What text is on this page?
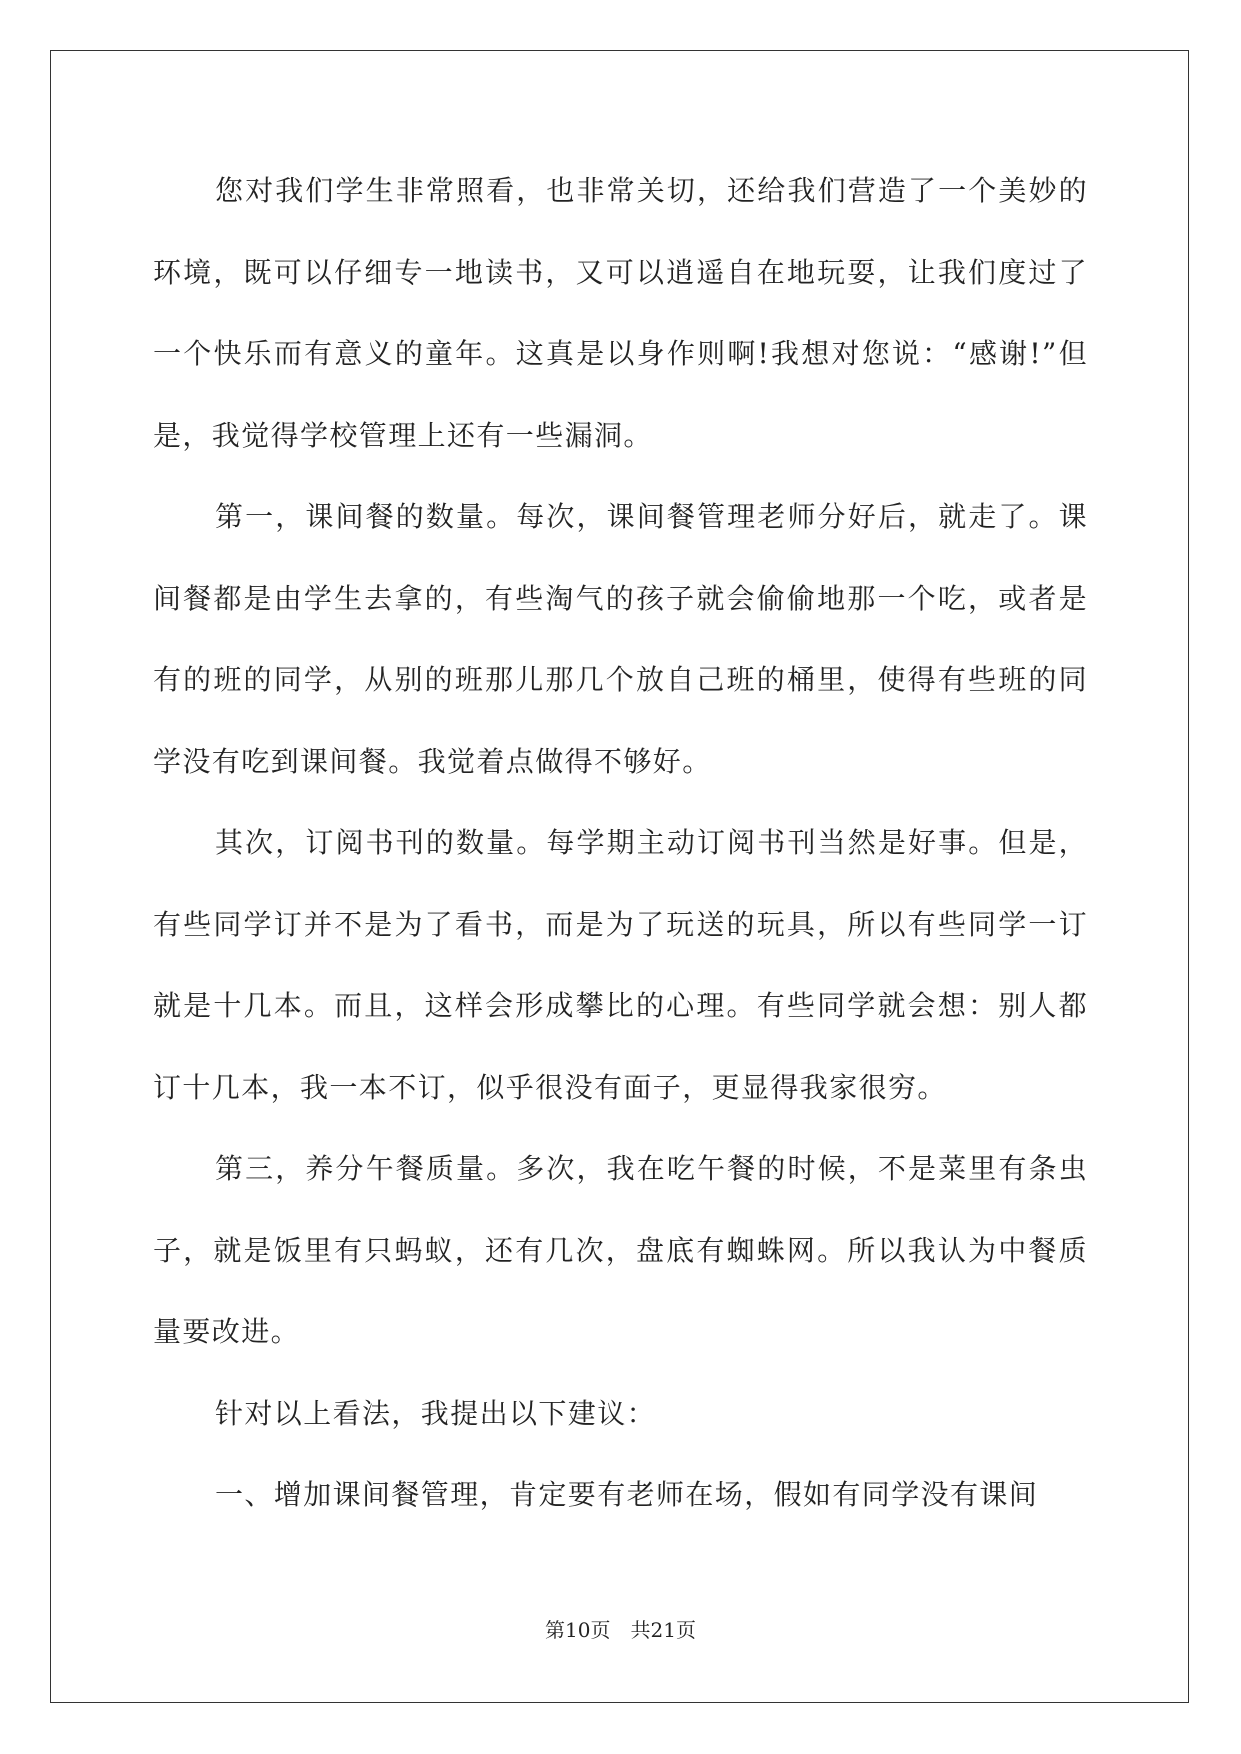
您对我们学生非常照看，也非常关切，还给我们营造了一个美妙的环境，既可以仔细专一地读书，又可以逍遥自在地玩耍，让我们度过了一个快乐而有意义的童年。这真是以身作则啊!我想对您说：“感谢!”但是，我觉得学校管理上还有一些漏洞。

第一，课间餐的数量。每次，课间餐管理老师分好后，就走了。课间餐都是由学生去拿的，有些淘气的孩子就会偷偷地那一个吃，或者是有的班的同学，从别的班那儿那几个放自己班的桶里，使得有些班的同学没有吃到课间餐。我觉着点做得不够好。

其次，订阅书刊的数量。每学期主动订阅书刊当然是好事。但是，有些同学订并不是为了看书，而是为了玩送的玩具，所以有些同学一订就是十几本。而且，这样会形成攀比的心理。有些同学就会想：别人都订十几本，我一本不订，似乎很没有面子，更显得我家很穷。

第三，养分午餐质量。多次，我在吃午餐的时候，不是菜里有条虫子，就是饭里有只蚂蚁，还有几次，盘底有蜘蛛网。所以我认为中餐质量要改进。

针对以上看法，我提出以下建议：

一、增加课间餐管理，肯定要有老师在场，假如有同学没有课间

第10页　共21页
